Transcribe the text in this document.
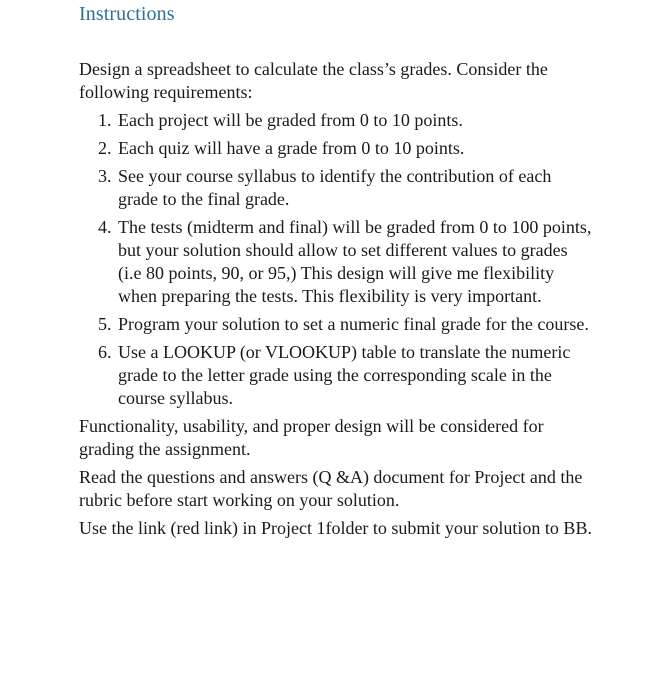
Instructions

Design a spreadsheet to calculate the class’s grades. Consider the following requirements:

1. Each project will be graded from 0 to 10 points.
2. Each quiz will have a grade from 0 to 10 points.
3. See your course syllabus to identify the contribution of each grade to the final grade.
4. The tests (midterm and final) will be graded from 0 to 100 points, but your solution should allow to set different values to grades (i.e 80 points, 90, or 95,) This design will give me flexibility when preparing the tests. This flexibility is very important.
5. Program your solution to set a numeric final grade for the course.
6. Use a LOOKUP (or VLOOKUP) table to translate the numeric grade to the letter grade using the corresponding scale in the course syllabus.

Functionality, usability, and proper design will be considered for grading the assignment.

Read the questions and answers (Q &A) document for Project and the rubric before start working on your solution.

Use the link (red link) in Project 1folder to submit your solution to BB.
